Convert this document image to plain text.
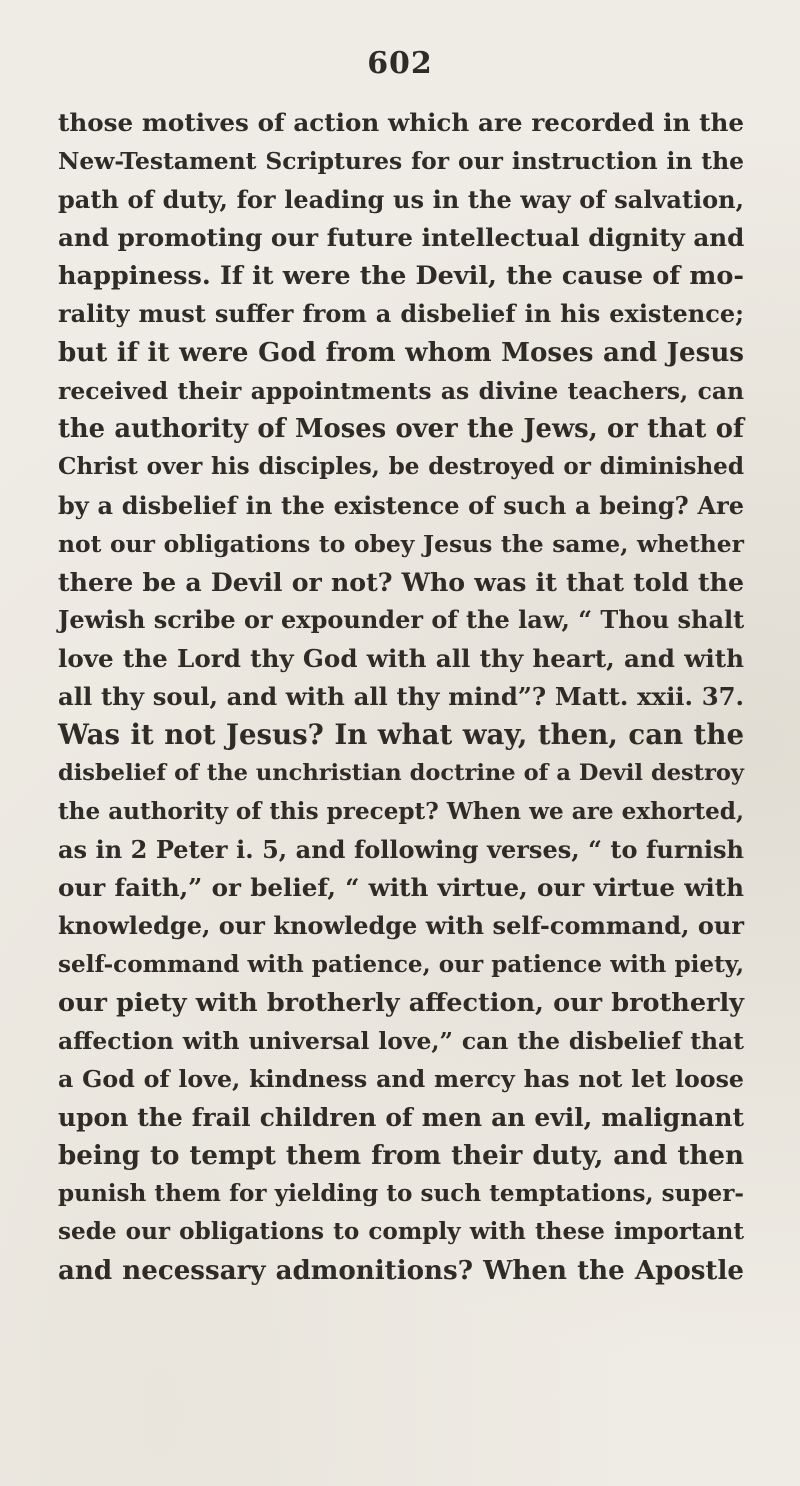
602
those motives of action which are recorded in the
New-Testament Scriptures for our instruction in the
path of duty, for leading us in the way of salvation,
and promoting our future intellectual dignity and
happiness. If it were the Devil, the cause of mo-
rality must suffer from a disbelief in his existence;
but if it were God from whom Moses and Jesus
received their appointments as divine teachers, can
the authority of Moses over the Jews, or that of
Christ over his disciples, be destroyed or diminished
by a disbelief in the existence of such a being? Are
not our obligations to obey Jesus the same, whether
there be a Devil or not? Who was it that told the
Jewish scribe or expounder of the law, “ Thou shalt
love the Lord thy God with all thy heart, and with
all thy soul, and with all thy mind”? Matt. xxii. 37.
Was it not Jesus? In what way, then, can the
disbelief of the unchristian doctrine of a Devil destroy
the authority of this precept? When we are exhorted,
as in 2 Peter i. 5, and following verses, “ to furnish
our faith,” or belief, “ with virtue, our virtue with
knowledge, our knowledge with self-command, our
self-command with patience, our patience with piety,
our piety with brotherly affection, our brotherly
affection with universal love,” can the disbelief that
a God of love, kindness and mercy has not let loose
upon the frail children of men an evil, malignant
being to tempt them from their duty, and then
punish them for yielding to such temptations, super-
sede our obligations to comply with these important
and necessary admonitions? When the Apostle
